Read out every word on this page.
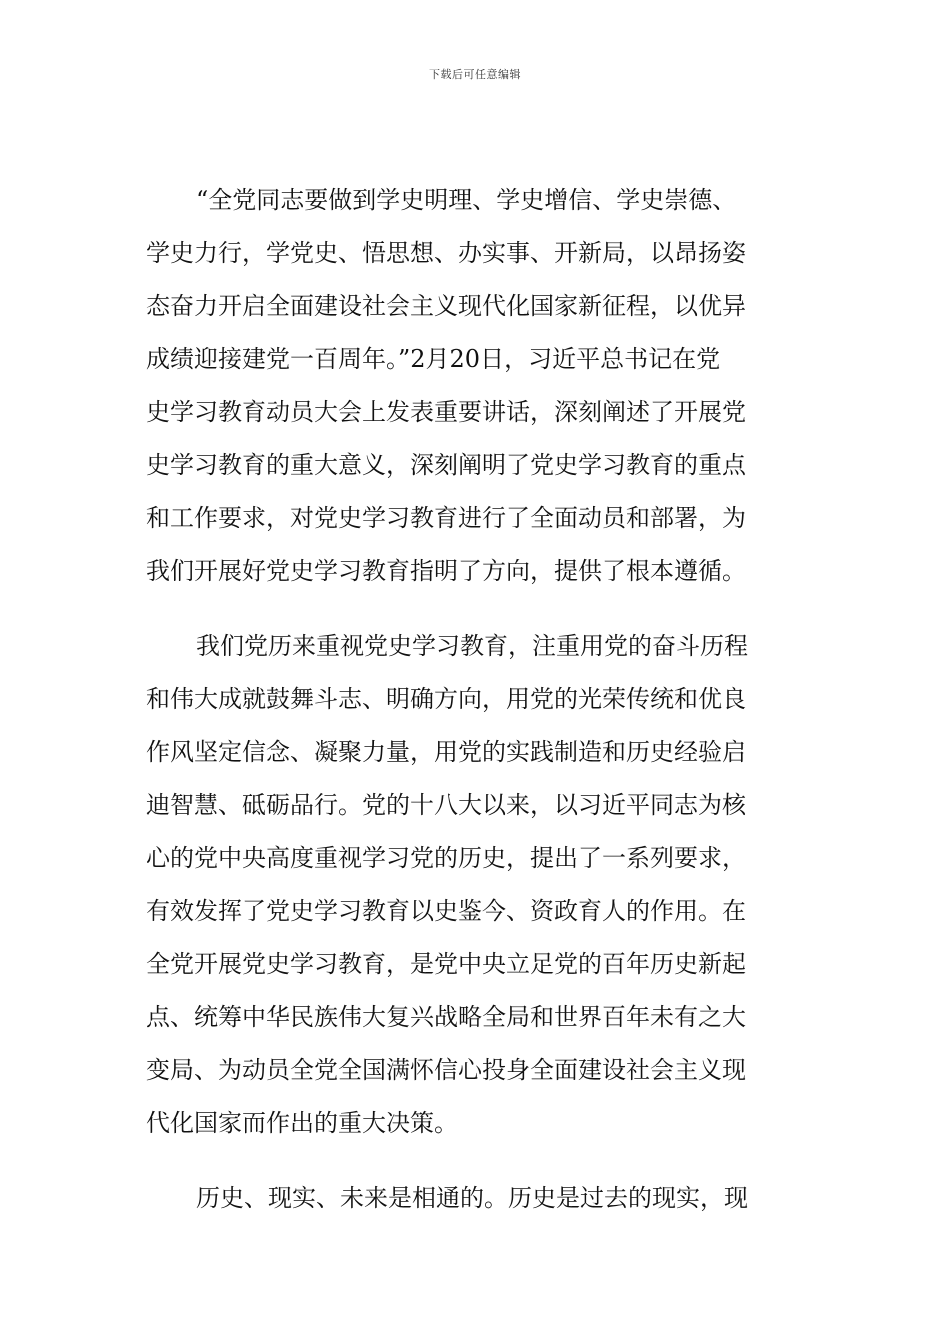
下载后可任意编辑
“全党同志要做到学史明理、学史增信、学史崇德、
学史力行，学党史、悟思想、办实事、开新局，以昂扬姿
态奋力开启全面建设社会主义现代化国家新征程，以优异
成绩迎接建党一百周年。”2月20日，习近平总书记在党
史学习教育动员大会上发表重要讲话，深刻阐述了开展党
史学习教育的重大意义，深刻阐明了党史学习教育的重点
和工作要求，对党史学习教育进行了全面动员和部署，为
我们开展好党史学习教育指明了方向，提供了根本遵循。
我们党历来重视党史学习教育，注重用党的奋斗历程
和伟大成就鼓舞斗志、明确方向，用党的光荣传统和优良
作风坚定信念、凝聚力量，用党的实践制造和历史经验启
迪智慧、砥砺品行。党的十八大以来，以习近平同志为核
心的党中央高度重视学习党的历史，提出了一系列要求，
有效发挥了党史学习教育以史鉴今、资政育人的作用。在
全党开展党史学习教育，是党中央立足党的百年历史新起
点、统筹中华民族伟大复兴战略全局和世界百年未有之大
变局、为动员全党全国满怀信心投身全面建设社会主义现
代化国家而作出的重大决策。
历史、现实、未来是相通的。历史是过去的现实，现
